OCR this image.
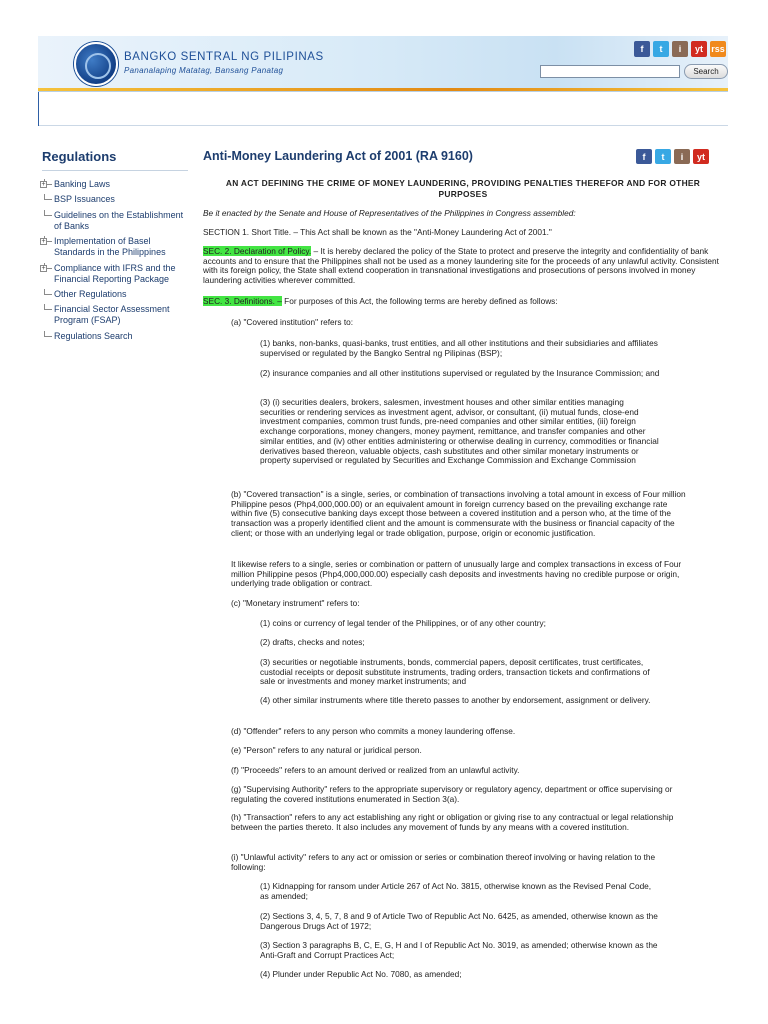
BANGKO SENTRAL NG PILIPINAS
Pananalaping Matatag, Bansang Panatag
f	t	i	yt rss
Search
Regulations
+ Banking Laws
BSP Issuances
Guidelines on the Establishment of Banks
+ Implementation of Basel Standards in the Philippines
+ Compliance with IFRS and the Financial Reporting Package
Other Regulations
Financial Sector Assessment Program (FSAP)
Regulations Search
Anti-Money Laundering Act of 2001 (RA 9160)	f	t	i	yt
AN ACT DEFINING THE CRIME OF MONEY LAUNDERING, PROVIDING PENALTIES THEREFOR AND FOR OTHER PURPOSES
Be it enacted by the Senate and House of Representatives of the Philippines in Congress assembled:
SECTION 1. Short Title. – This Act shall be known as the "Anti-Money Laundering Act of 2001."
SEC. 2. Declaration of Policy. – It is hereby declared the policy of the State to protect and preserve the integrity and confidentiality of bank accounts and to ensure that the Philippines shall not be used as a money laundering site for the proceeds of any unlawful activity. Consistent with its foreign policy, the State shall extend cooperation in transnational investigations and prosecutions of persons involved in money laundering activities wherever committed.
SEC. 3. Definitions. – For purposes of this Act, the following terms are hereby defined as follows:
(a) "Covered institution" refers to:
(1) banks, non-banks, quasi-banks, trust entities, and all other institutions and their subsidiaries and affiliates supervised or regulated by the Bangko Sentral ng Pilipinas (BSP);
(2) insurance companies and all other institutions supervised or regulated by the Insurance Commission; and
(3) (i) securities dealers, brokers, salesmen, investment houses and other similar entities managing securities or rendering services as investment agent, advisor, or consultant, (ii) mutual funds, close-end investment companies, common trust funds, pre-need companies and other similar entities, (iii) foreign exchange corporations, money changers, money payment, remittance, and transfer companies and other similar entities, and (iv) other entities administering or otherwise dealing in currency, commodities or financial derivatives based thereon, valuable objects, cash substitutes and other similar monetary instruments or property supervised or regulated by Securities and Exchange Commission and Exchange Commission
(b) "Covered transaction" is a single, series, or combination of transactions involving a total amount in excess of Four million Philippine pesos (Php4,000,000.00) or an equivalent amount in foreign currency based on the prevailing exchange rate within five (5) consecutive banking days except those between a covered institution and a person who, at the time of the transaction was a properly identified client and the amount is commensurate with the business or financial capacity of the client; or those with an underlying legal or trade obligation, purpose, origin or economic justification.
It likewise refers to a single, series or combination or pattern of unusually large and complex transactions in excess of Four million Philippine pesos (Php4,000,000.00) especially cash deposits and investments having no credible purpose or origin, underlying trade obligation or contract.
(c) "Monetary instrument" refers to:
(1) coins or currency of legal tender of the Philippines, or of any other country;
(2) drafts, checks and notes;
(3) securities or negotiable instruments, bonds, commercial papers, deposit certificates, trust certificates, custodial receipts or deposit substitute instruments, trading orders, transaction tickets and confirmations of sale or investments and money market instruments; and
(4) other similar instruments where title thereto passes to another by endorsement, assignment or delivery.
(d) "Offender" refers to any person who commits a money laundering offense.
(e) "Person" refers to any natural or juridical person.
(f) "Proceeds" refers to an amount derived or realized from an unlawful activity.
(g) "Supervising Authority" refers to the appropriate supervisory or regulatory agency, department or office supervising or regulating the covered institutions enumerated in Section 3(a).
(h) "Transaction" refers to any act establishing any right or obligation or giving rise to any contractual or legal relationship between the parties thereto. It also includes any movement of funds by any means with a covered institution.
(i) "Unlawful activity" refers to any act or omission or series or combination thereof involving or having relation to the following:
(1) Kidnapping for ransom under Article 267 of Act No. 3815, otherwise known as the Revised Penal Code, as amended;
(2) Sections 3, 4, 5, 7, 8 and 9 of Article Two of Republic Act No. 6425, as amended, otherwise known as the Dangerous Drugs Act of 1972;
(3) Section 3 paragraphs B, C, E, G, H and I of Republic Act No. 3019, as amended; otherwise known as the Anti-Graft and Corrupt Practices Act;
(4) Plunder under Republic Act No. 7080, as amended;
